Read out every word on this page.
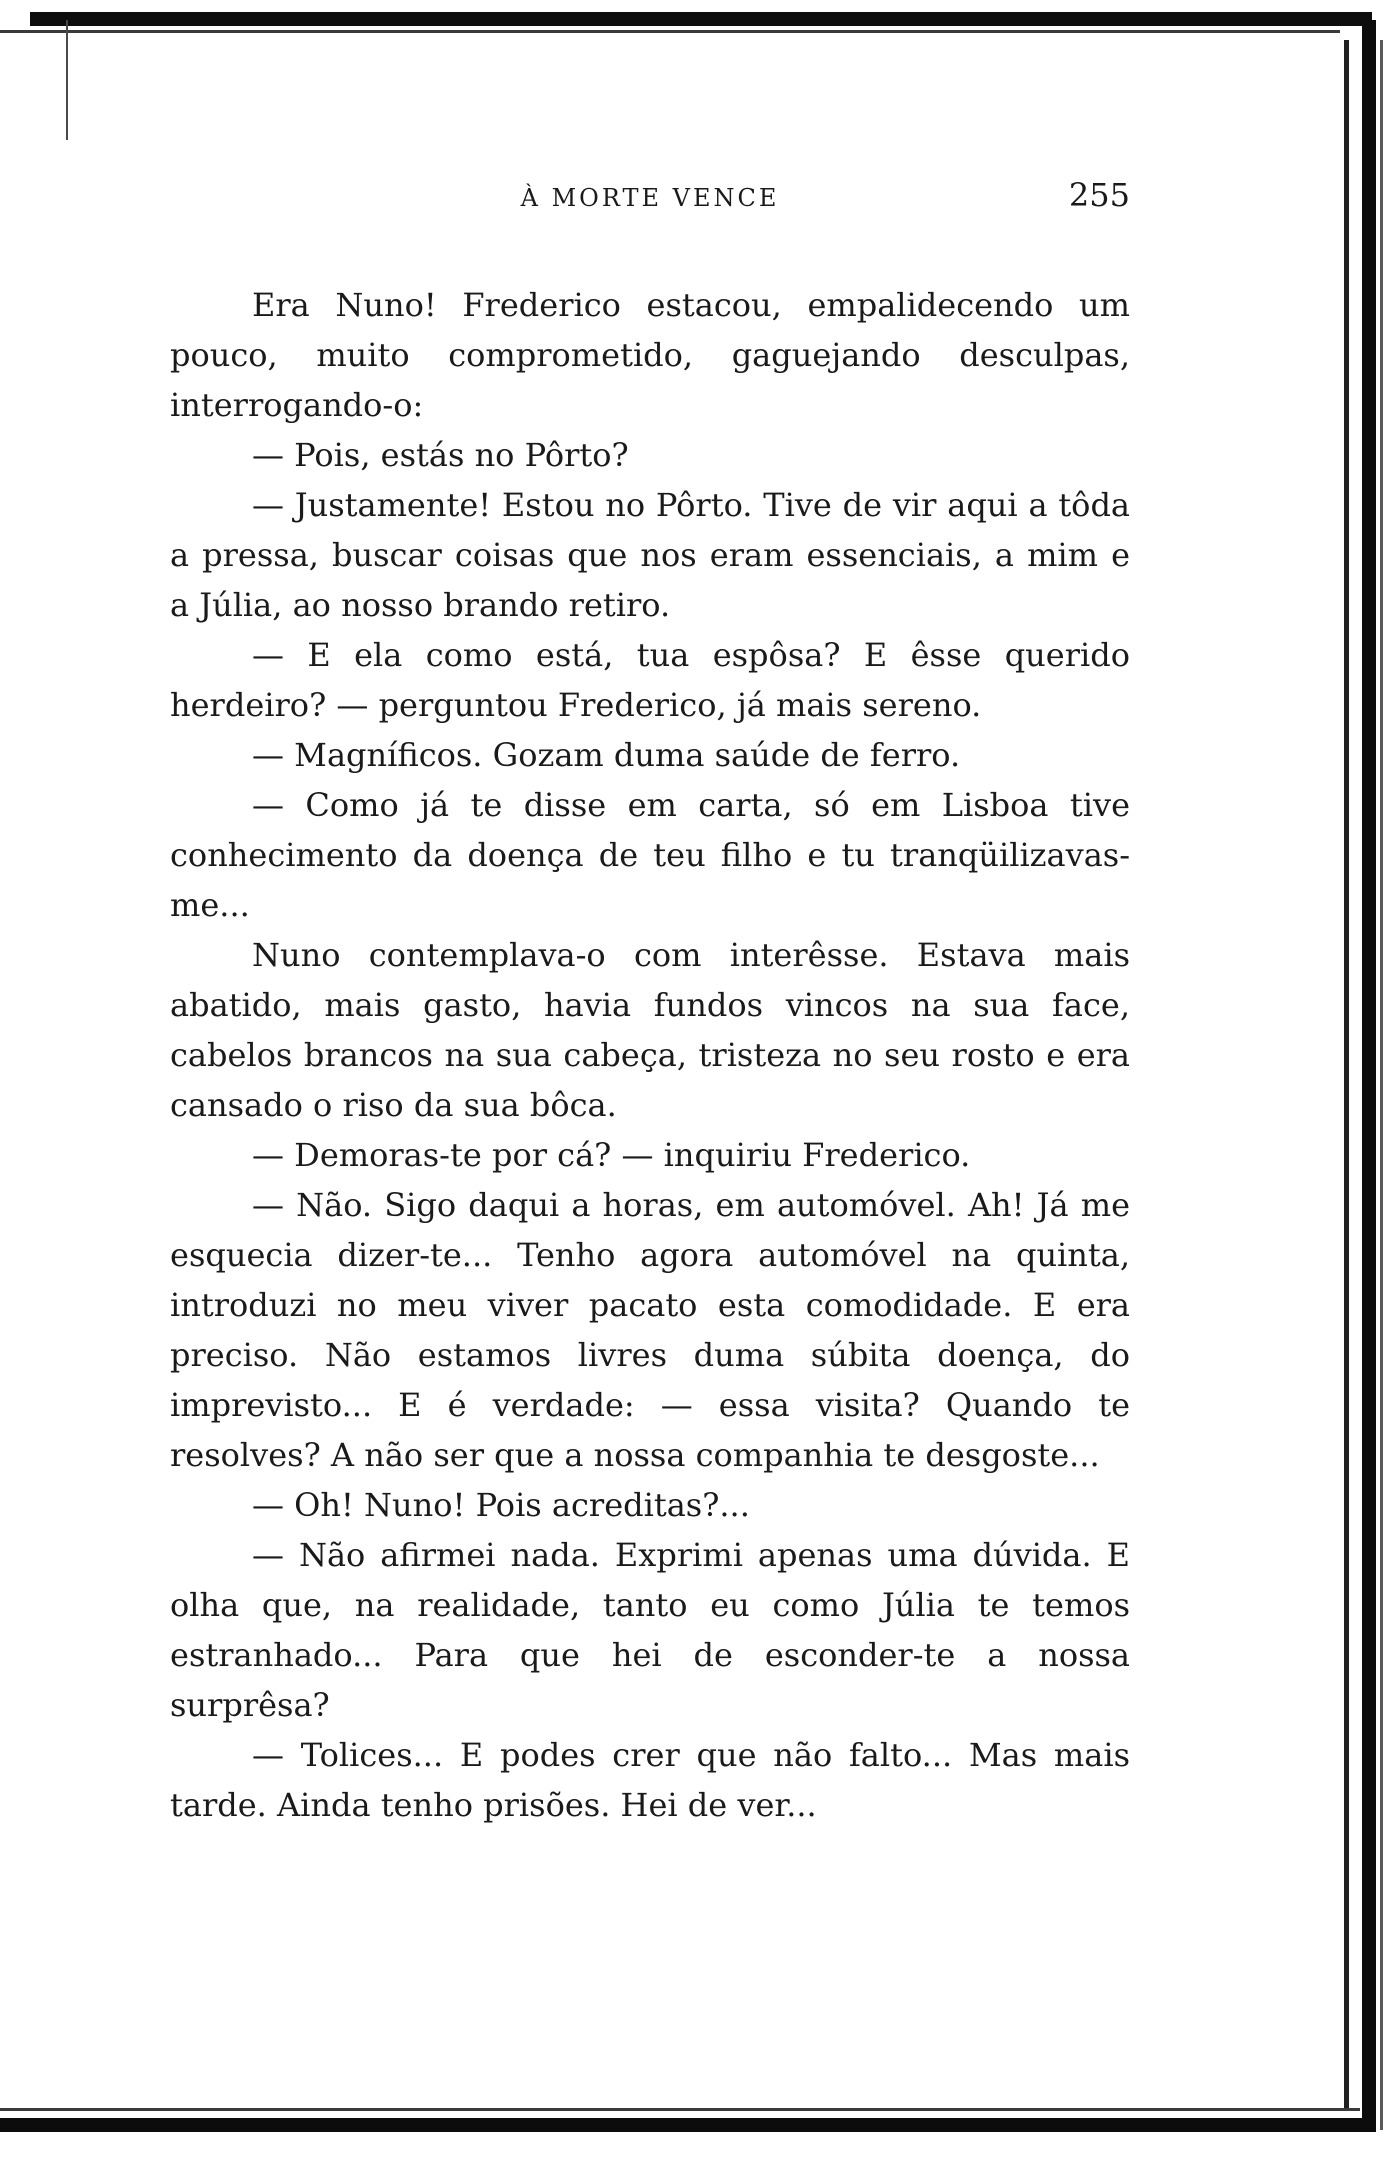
À MORTE VENCE	255

Era Nuno! Frederico estacou, empalidecendo um pouco, muito comprometido, gaguejando desculpas, interrogando-o:

— Pois, estás no Pôrto?

— Justamente! Estou no Pôrto. Tive de vir aqui a tôda a pressa, buscar coisas que nos eram essenciais, a mim e a Júlia, ao nosso brando retiro.

— E ela como está, tua espôsa? E êsse querido herdeiro? — perguntou Frederico, já mais sereno.

— Magníficos. Gozam duma saúde de ferro.

— Como já te disse em carta, só em Lisboa tive conhecimento da doença de teu filho e tu tranqüilizavas-me...

Nuno contemplava-o com interêsse. Estava mais abatido, mais gasto, havia fundos vincos na sua face, cabelos brancos na sua cabeça, tristeza no seu rosto e era cansado o riso da sua bôca.

— Demoras-te por cá? — inquiriu Frederico.

— Não. Sigo daqui a horas, em automóvel. Ah! Já me esquecia dizer-te... Tenho agora automóvel na quinta, introduzi no meu viver pacato esta comodidade. E era preciso. Não estamos livres duma súbita doença, do imprevisto... E é verdade: — essa visita? Quando te resolves? A não ser que a nossa companhia te desgoste...

— Oh! Nuno! Pois acreditas?...

— Não afirmei nada. Exprimi apenas uma dúvida. E olha que, na realidade, tanto eu como Júlia te temos estranhado... Para que hei de esconder-te a nossa surprêsa?

— Tolices... E podes crer que não falto... Mas mais tarde. Ainda tenho prisões. Hei de ver...
